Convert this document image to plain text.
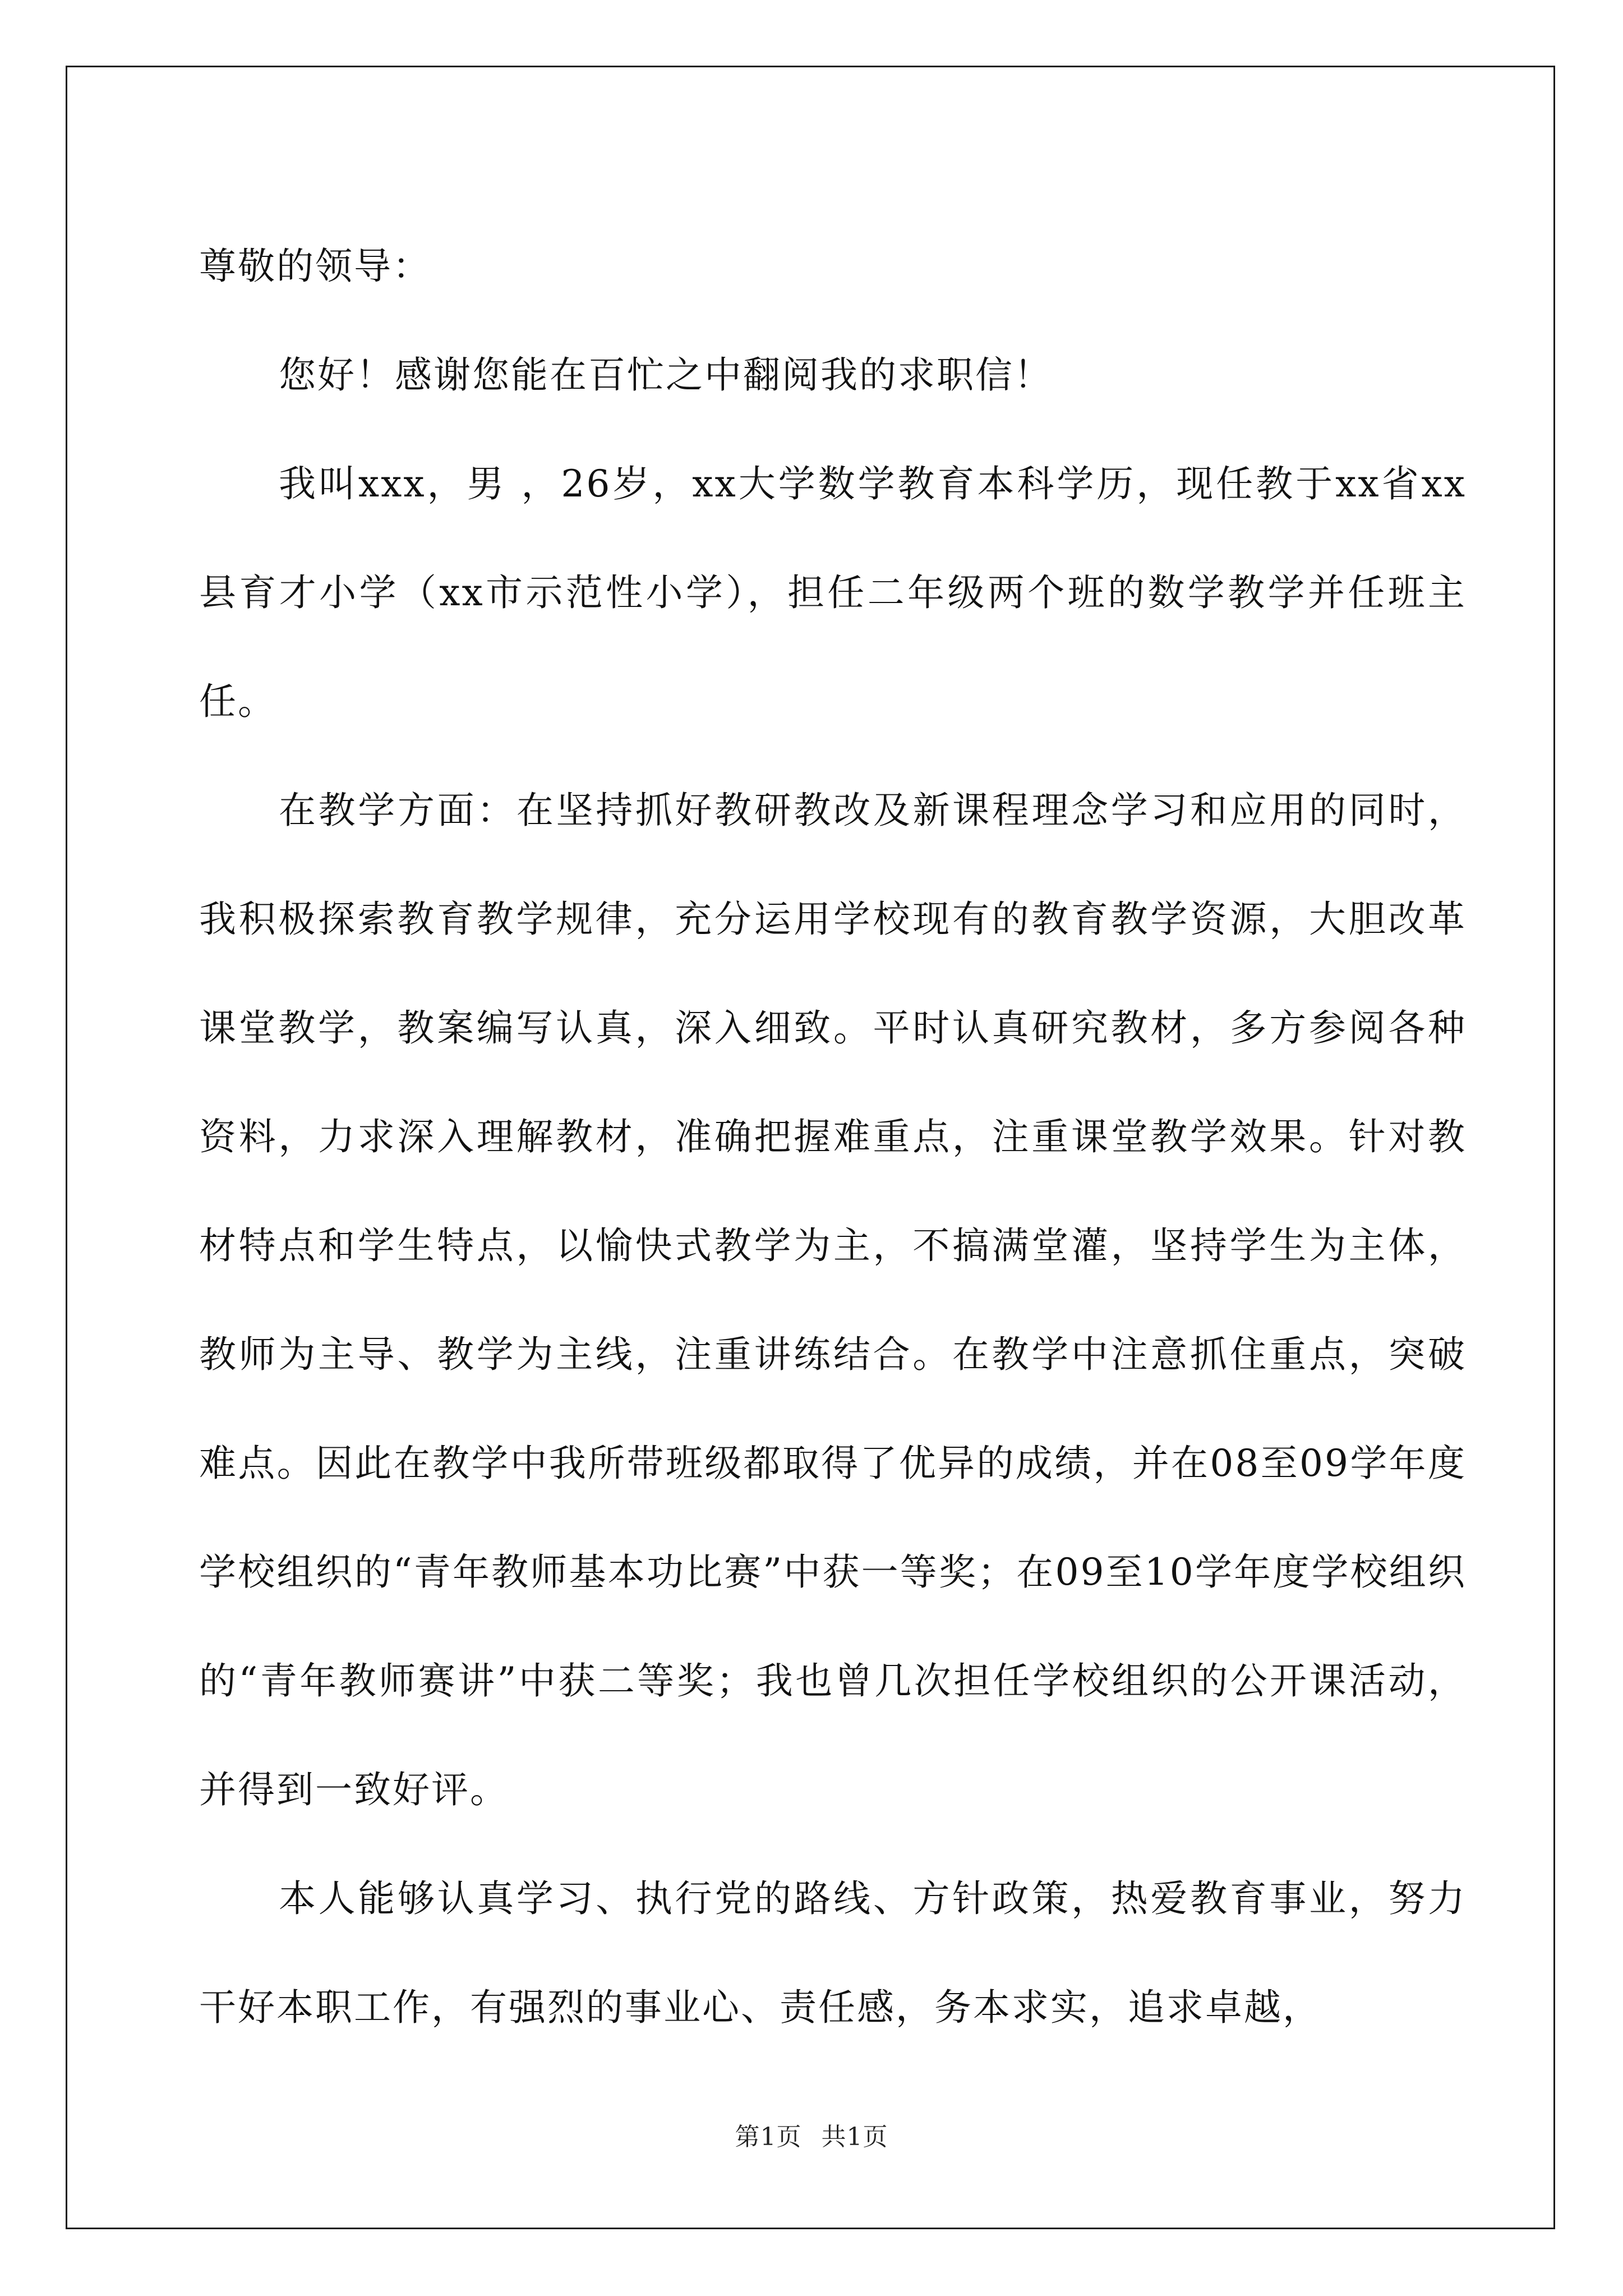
尊敬的领导：

您好！感谢您能在百忙之中翻阅我的求职信！

我叫xxx，男 ，26岁，xx大学数学教育本科学历，现任教于xx省xx县育才小学（xx市示范性小学），担任二年级两个班的数学教学并任班主任。

在教学方面：在坚持抓好教研教改及新课程理念学习和应用的同时，我积极探索教育教学规律，充分运用学校现有的教育教学资源，大胆改革课堂教学，教案编写认真，深入细致。平时认真研究教材，多方参阅各种资料，力求深入理解教材，准确把握难重点，注重课堂教学效果。针对教材特点和学生特点，以愉快式教学为主，不搞满堂灌，坚持学生为主体，教师为主导、教学为主线，注重讲练结合。在教学中注意抓住重点，突破难点。因此在教学中我所带班级都取得了优异的成绩，并在08至09学年度学校组织的“青年教师基本功比赛”中获一等奖；在09至10学年度学校组织的“青年教师赛讲”中获二等奖；我也曾几次担任学校组织的公开课活动，并得到一致好评。

本人能够认真学习、执行党的路线、方针政策，热爱教育事业，努力干好本职工作，有强烈的事业心、责任感，务本求实，追求卓越，

第1页 共1页
